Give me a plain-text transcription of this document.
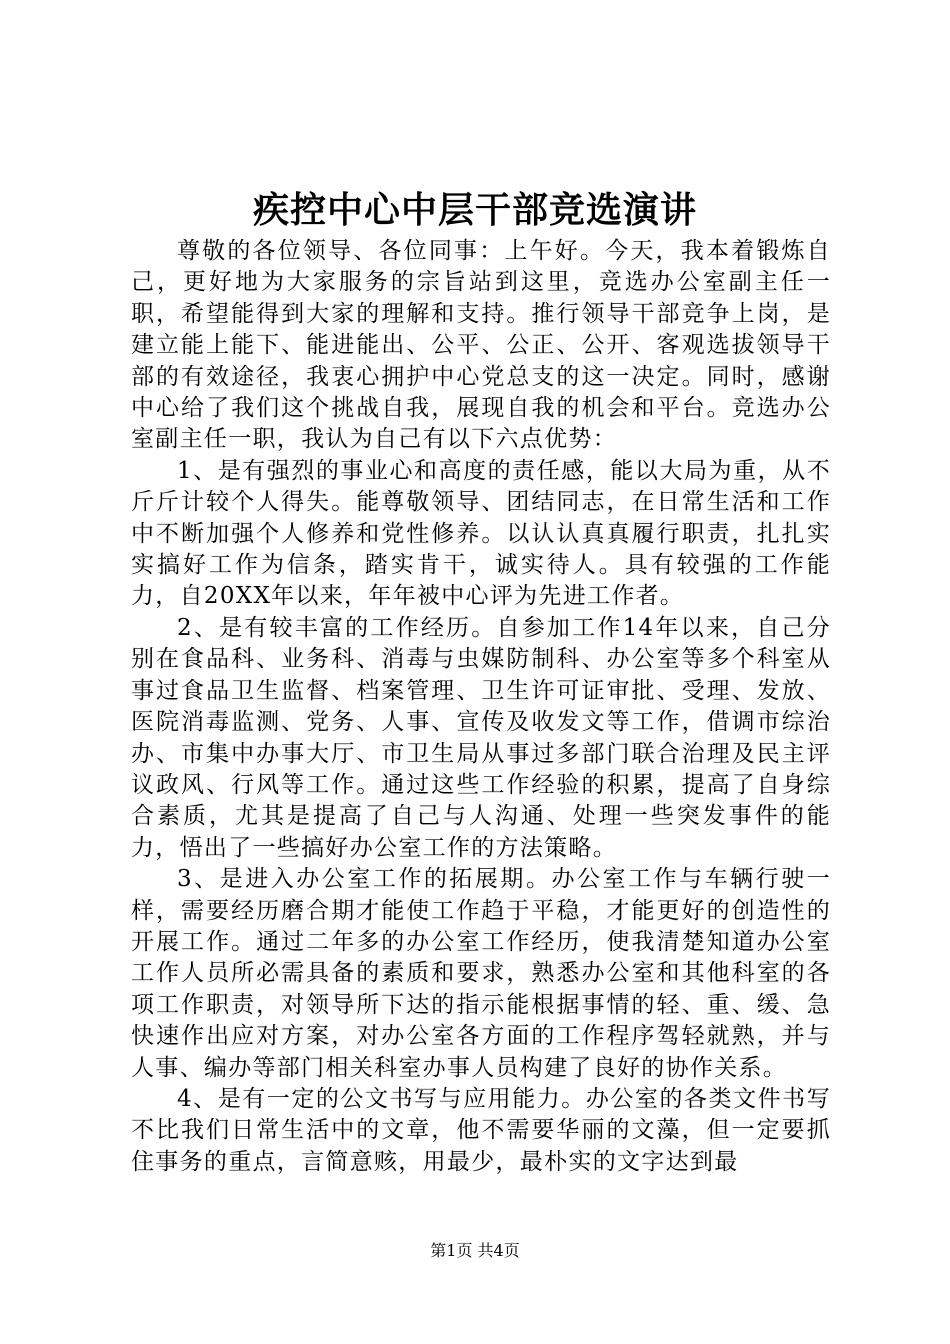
疾控中心中层干部竞选演讲

尊敬的各位领导、各位同事：上午好。今天，我本着锻炼自己，更好地为大家服务的宗旨站到这里，竞选办公室副主任一职，希望能得到大家的理解和支持。推行领导干部竞争上岗，是建立能上能下、能进能出、公平、公正、公开、客观选拔领导干部的有效途径，我衷心拥护中心党总支的这一决定。同时，感谢中心给了我们这个挑战自我，展现自我的机会和平台。竞选办公室副主任一职，我认为自己有以下六点优势：

1、是有强烈的事业心和高度的责任感，能以大局为重，从不斤斤计较个人得失。能尊敬领导、团结同志，在日常生活和工作中不断加强个人修养和党性修养。以认认真真履行职责，扎扎实实搞好工作为信条，踏实肯干，诚实待人。具有较强的工作能力，自20XX年以来，年年被中心评为先进工作者。

2、是有较丰富的工作经历。自参加工作14年以来，自己分别在食品科、业务科、消毒与虫媒防制科、办公室等多个科室从事过食品卫生监督、档案管理、卫生许可证审批、受理、发放、医院消毒监测、党务、人事、宣传及收发文等工作，借调市综治办、市集中办事大厅、市卫生局从事过多部门联合治理及民主评议政风、行风等工作。通过这些工作经验的积累，提高了自身综合素质，尤其是提高了自己与人沟通、处理一些突发事件的能力，悟出了一些搞好办公室工作的方法策略。

3、是进入办公室工作的拓展期。办公室工作与车辆行驶一样，需要经历磨合期才能使工作趋于平稳，才能更好的创造性的开展工作。通过二年多的办公室工作经历，使我清楚知道办公室工作人员所必需具备的素质和要求，熟悉办公室和其他科室的各项工作职责，对领导所下达的指示能根据事情的轻、重、缓、急快速作出应对方案，对办公室各方面的工作程序驾轻就熟，并与人事、编办等部门相关科室办事人员构建了良好的协作关系。

4、是有一定的公文书写与应用能力。办公室的各类文件书写不比我们日常生活中的文章，他不需要华丽的文藻，但一定要抓住事务的重点，言简意赅，用最少，最朴实的文字达到最

第1页 共4页
